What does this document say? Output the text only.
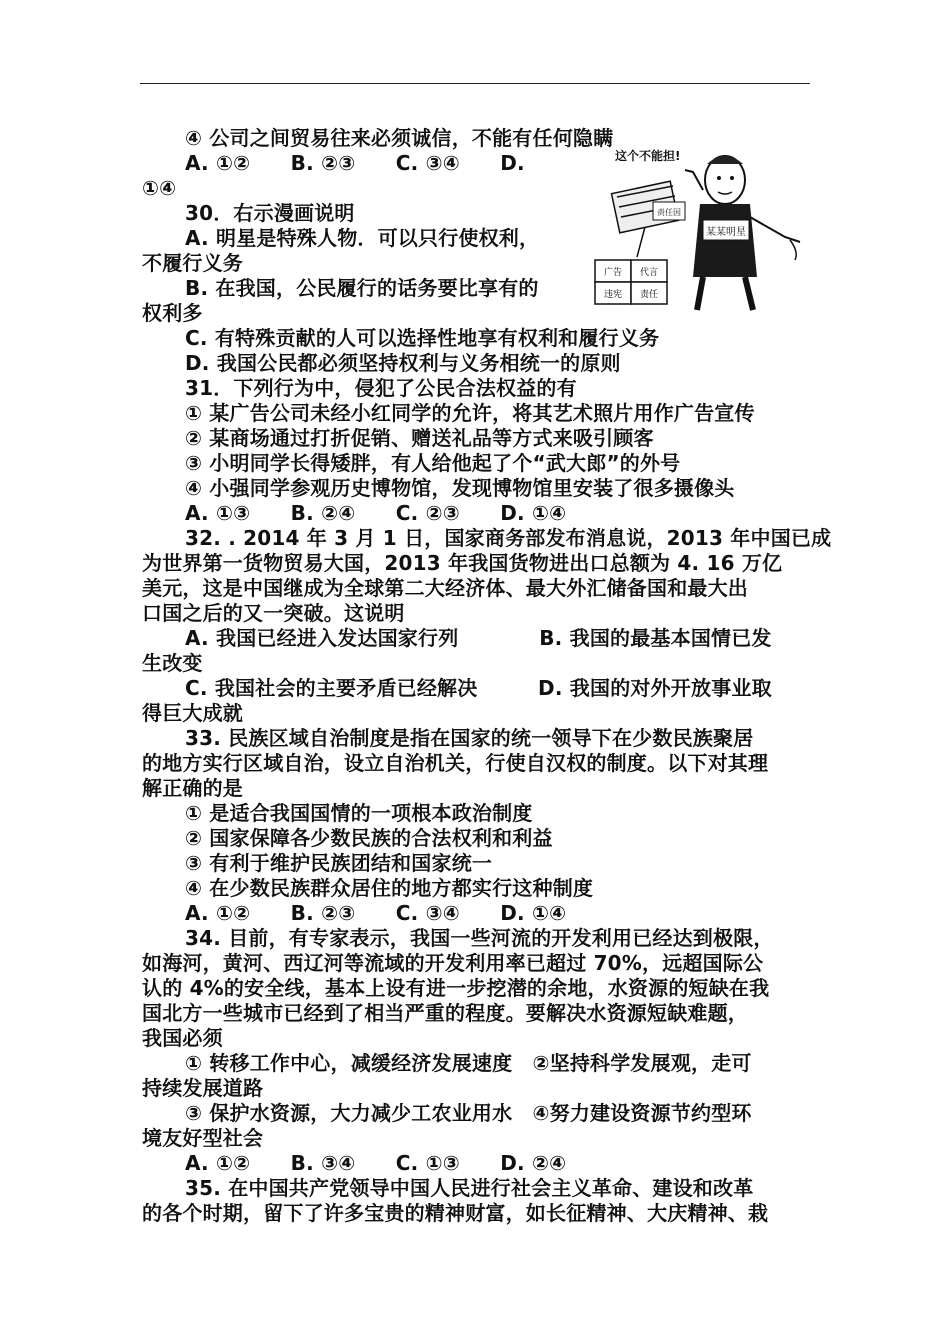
④ 公司之间贸易往来必须诚信，不能有任何隐瞒
A. ①②　　B. ②③　　C. ③④　　D.
①④
30．右示漫画说明
A. 明星是特殊人物．可以只行使权利，
不履行义务
B. 在我国，公民履行的话务要比享有的
权利多
C. 有特殊贡献的人可以选择性地享有权利和履行义务
D. 我国公民都必须坚持权利与义务相统一的原则
31．下列行为中，侵犯了公民合法权益的有
① 某广告公司未经小红同学的允许，将其艺术照片用作广告宣传
② 某商场通过打折促销、赠送礼品等方式来吸引顾客
③ 小明同学长得矮胖，有人给他起了个“武大郎”的外号
④ 小强同学参观历史博物馆，发现博物馆里安装了很多摄像头
A. ①③　　B. ②④　　C. ②③　　D. ①④
32. . 2014 年 3 月 1 日，国家商务部发布消息说，2013 年中国已成
为世界第一货物贸易大国，2013 年我国货物进出口总额为 4. 16 万亿
美元，这是中国继成为全球第二大经济体、最大外汇储备国和最大出
口国之后的又一突破。这说明
A. 我国已经进入发达国家行列　　　　B. 我国的最基本国情已发
生改变
C. 我国社会的主要矛盾已经解决　　　D. 我国的对外开放事业取
得巨大成就
33. 民族区域自治制度是指在国家的统一领导下在少数民族聚居
的地方实行区域自治，设立自治机关，行使自汉权的制度。以下对其理
解正确的是
① 是适合我国国情的一项根本政治制度
② 国家保障各少数民族的合法权利和利益
③ 有利于维护民族团结和国家统一
④ 在少数民族群众居住的地方都实行这种制度
A. ①②　　B. ②③　　C. ③④　　D. ①④
34. 目前，有专家表示，我国一些河流的开发利用已经达到极限，
如海河，黄河、西辽河等流域的开发利用率已超过 70%，远超国际公
认的 4%的安全线，基本上设有进一步挖潜的余地，水资源的短缺在我
国北方一些城市已经到了相当严重的程度。要解决水资源短缺难题，
我国必须
① 转移工作中心，减缓经济发展速度　②坚持科学发展观，走可
持续发展道路
③ 保护水资源，大力减少工农业用水　④努力建设资源节约型环
境友好型社会
A. ①②　　B. ③④　　C. ①③　　D. ②④
35. 在中国共产党领导中国人民进行社会主义革命、建设和改革
的各个时期，留下了许多宝贵的精神财富，如长征精神、大庆精神、栽
这个不能担!
某某明星
责任因
广告 代言
违宪 责任
